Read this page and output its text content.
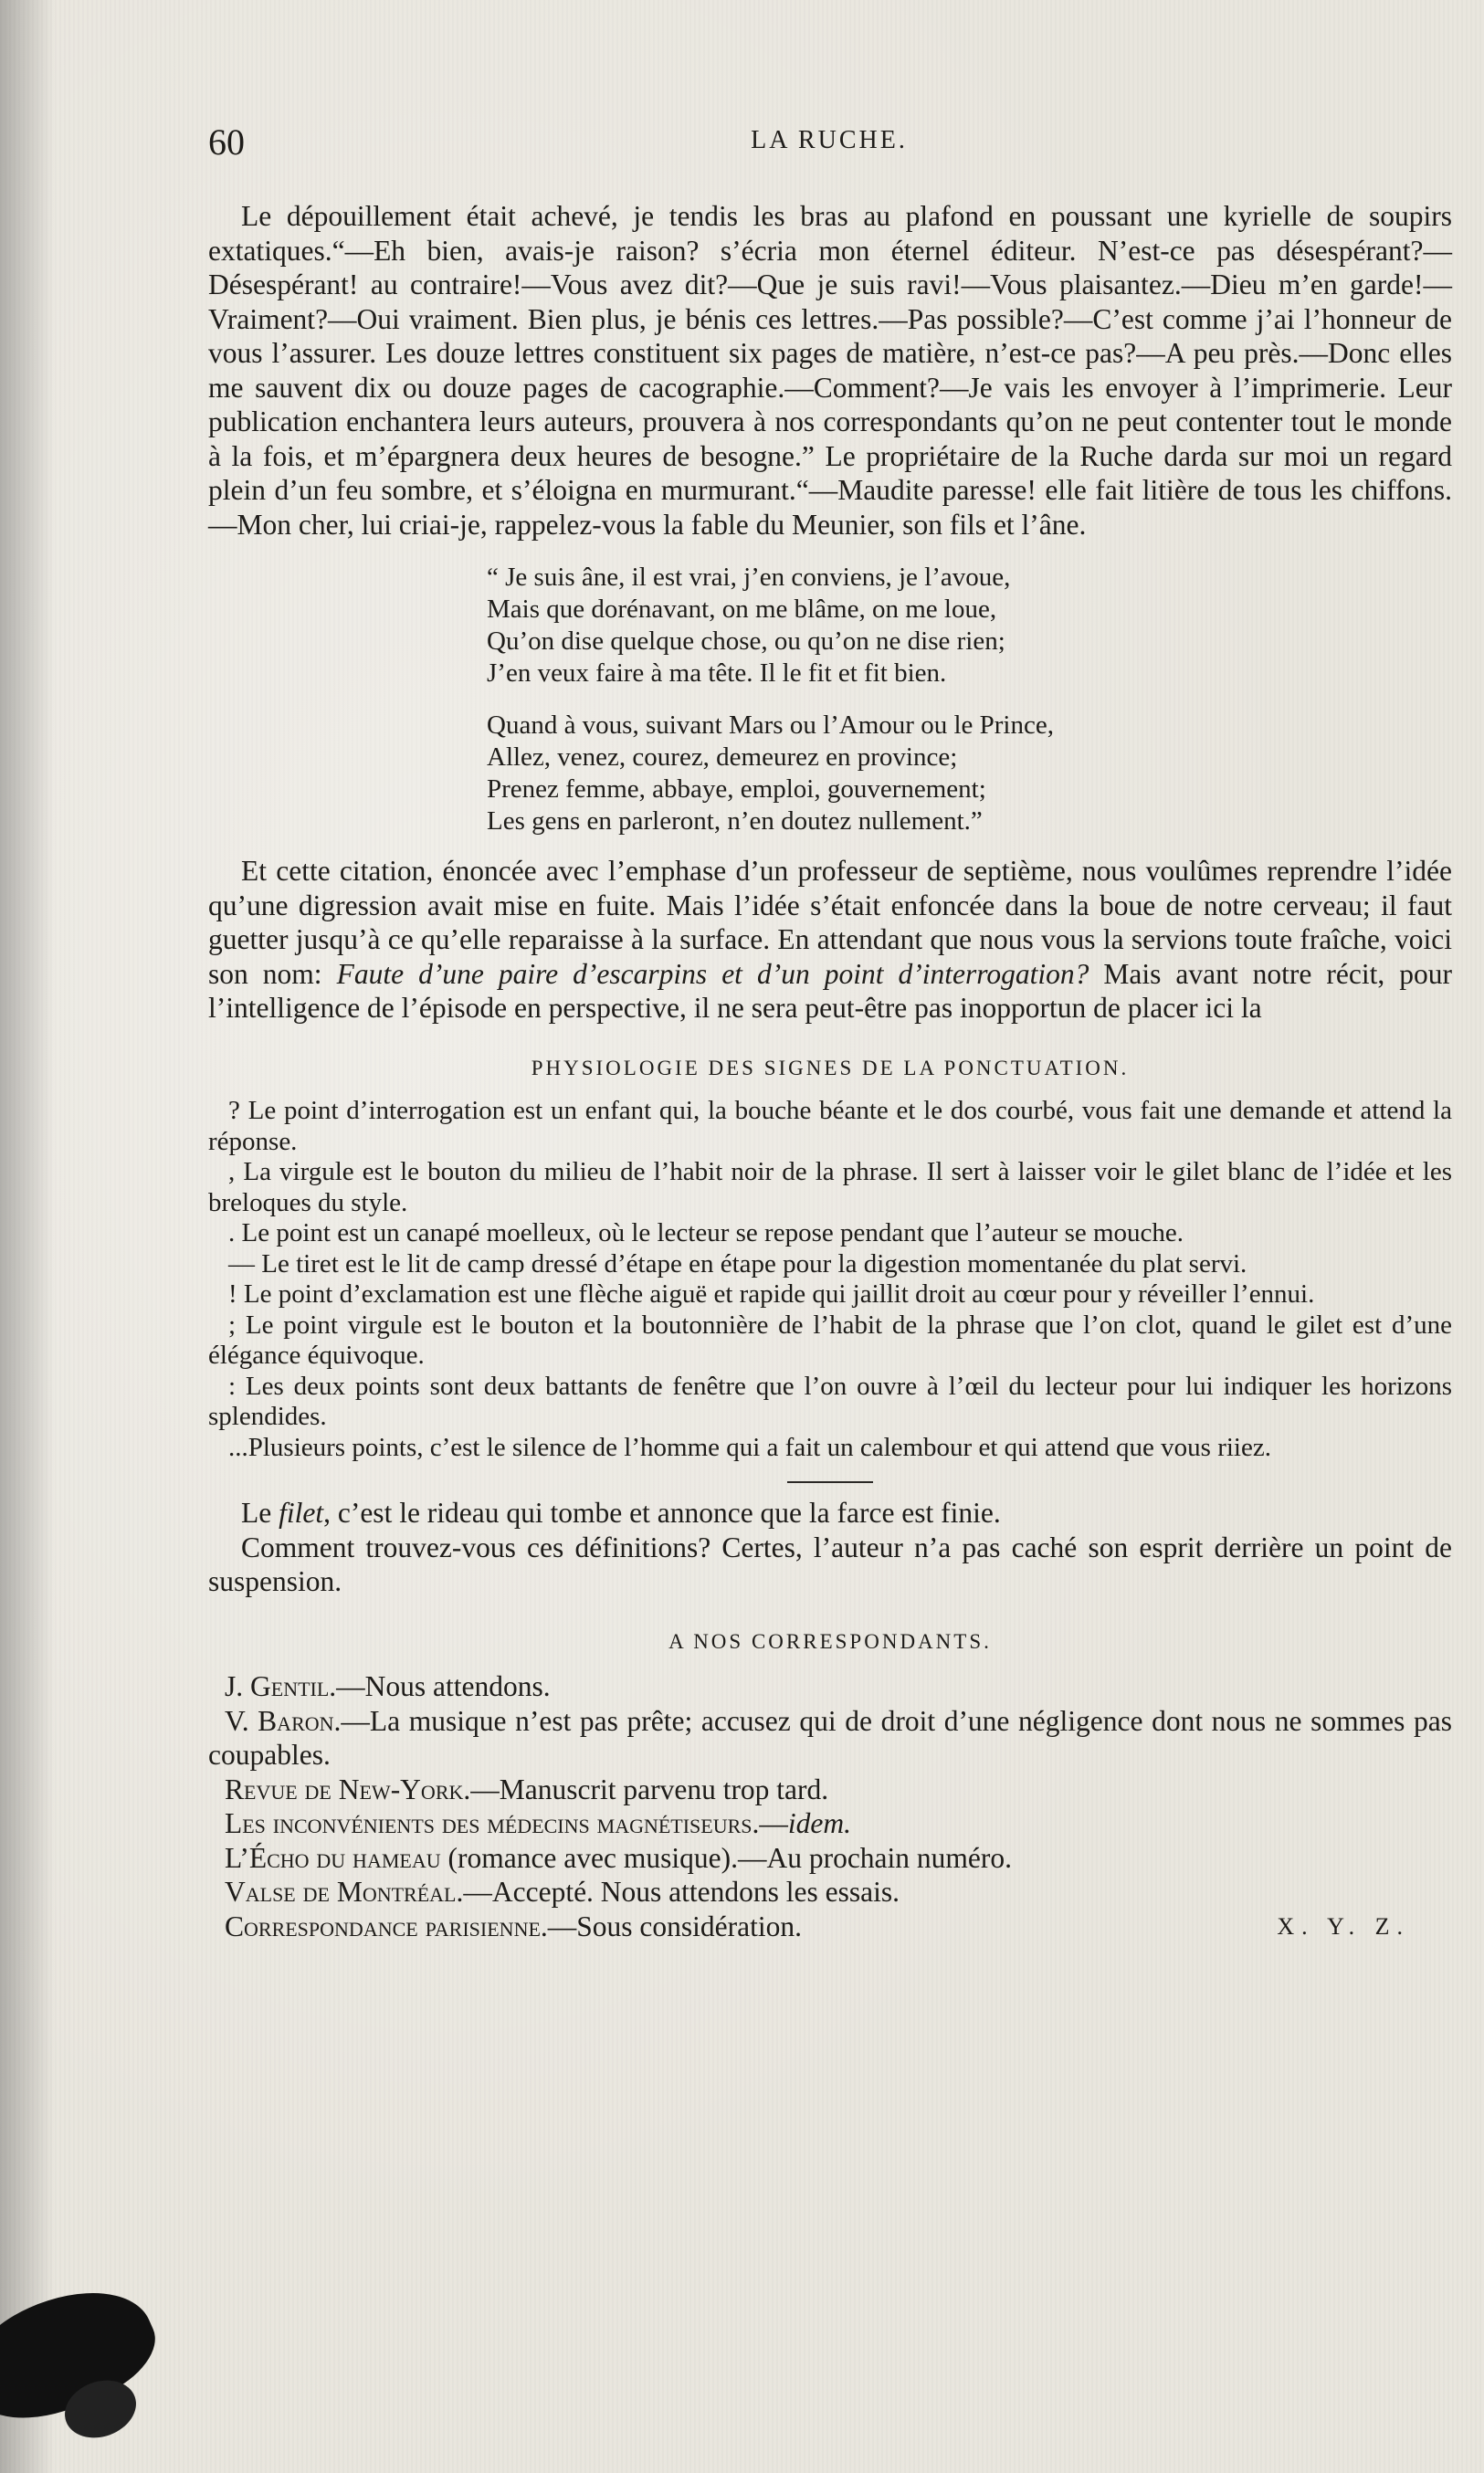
60	LA RUCHE.

Le dépouillement était achevé, je tendis les bras au plafond en poussant une kyrielle de soupirs extatiques.“—Eh bien, avais-je raison? s’écria mon éternel éditeur. N’est-ce pas désespérant?—Désespérant! au contraire!—Vous avez dit?—Que je suis ravi!—Vous plaisantez.—Dieu m’en garde!—Vraiment?—Oui vraiment. Bien plus, je bénis ces lettres.—Pas possible?—C’est comme j’ai l’honneur de vous l’assurer. Les douze lettres constituent six pages de matière, n’est-ce pas?—A peu près.—Donc elles me sauvent dix ou douze pages de cacographie.—Comment?—Je vais les envoyer à l’imprimerie. Leur publication enchantera leurs auteurs, prouvera à nos correspondants qu’on ne peut contenter tout le monde à la fois, et m’épargnera deux heures de besogne.” Le propriétaire de la Ruche darda sur moi un regard plein d’un feu sombre, et s’éloigna en murmurant.“—Maudite paresse! elle fait litière de tous les chiffons.—Mon cher, lui criai-je, rappelez-vous la fable du Meunier, son fils et l’âne.

“ Je suis âne, il est vrai, j’en conviens, je l’avoue,
Mais que dorénavant, on me blâme, on me loue,
Qu’on dise quelque chose, ou qu’on ne dise rien;
J’en veux faire à ma tête. Il le fit et fit bien.
Quand à vous, suivant Mars ou l’Amour ou le Prince,
Allez, venez, courez, demeurez en province;
Prenez femme, abbaye, emploi, gouvernement;
Les gens en parleront, n’en doutez nullement.”

Et cette citation, énoncée avec l’emphase d’un professeur de septième, nous voulûmes reprendre l’idée qu’une digression avait mise en fuite. Mais l’idée s’était enfoncée dans la boue de notre cerveau; il faut guetter jusqu’à ce qu’elle reparaisse à la surface. En attendant que nous vous la servions toute fraîche, voici son nom: Faute d’une paire d’escarpins et d’un point d’interrogation? Mais avant notre récit, pour l’intelligence de l’épisode en perspective, il ne sera peut-être pas inopportun de placer ici la

PHYSIOLOGIE DES SIGNES DE LA PONCTUATION.

? Le point d’interrogation est un enfant qui, la bouche béante et le dos courbé, vous fait une demande et attend la réponse.

, La virgule est le bouton du milieu de l’habit noir de la phrase. Il sert à laisser voir le gilet blanc de l’idée et les breloques du style.

. Le point est un canapé moelleux, où le lecteur se repose pendant que l’auteur se mouche.

— Le tiret est le lit de camp dressé d’étape en étape pour la digestion momentanée du plat servi.

! Le point d’exclamation est une flèche aiguë et rapide qui jaillit droit au cœur pour y réveiller l’ennui.

; Le point virgule est le bouton et la boutonnière de l’habit de la phrase que l’on clot, quand le gilet est d’une élégance équivoque.

: Les deux points sont deux battants de fenêtre que l’on ouvre à l’œil du lecteur pour lui indiquer les horizons splendides.

...Plusieurs points, c’est le silence de l’homme qui a fait un calembour et qui attend que vous riiez.

Le filet, c’est le rideau qui tombe et annonce que la farce est finie.

Comment trouvez-vous ces définitions? Certes, l’auteur n’a pas caché son esprit derrière un point de suspension.

A NOS CORRESPONDANTS.

J. Gentil.—Nous attendons.

V. Baron.—La musique n’est pas prête; accusez qui de droit d’une négligence dont nous ne sommes pas coupables.

Revue de New-York.—Manuscrit parvenu trop tard.

Les inconvénients des médecins magnétiseurs.—idem.

L’Écho du hameau (romance avec musique).—Au prochain numéro.

Valse de Montréal.—Accepté. Nous attendons les essais.

Correspondance parisienne.—Sous considération.	X. Y. Z.
